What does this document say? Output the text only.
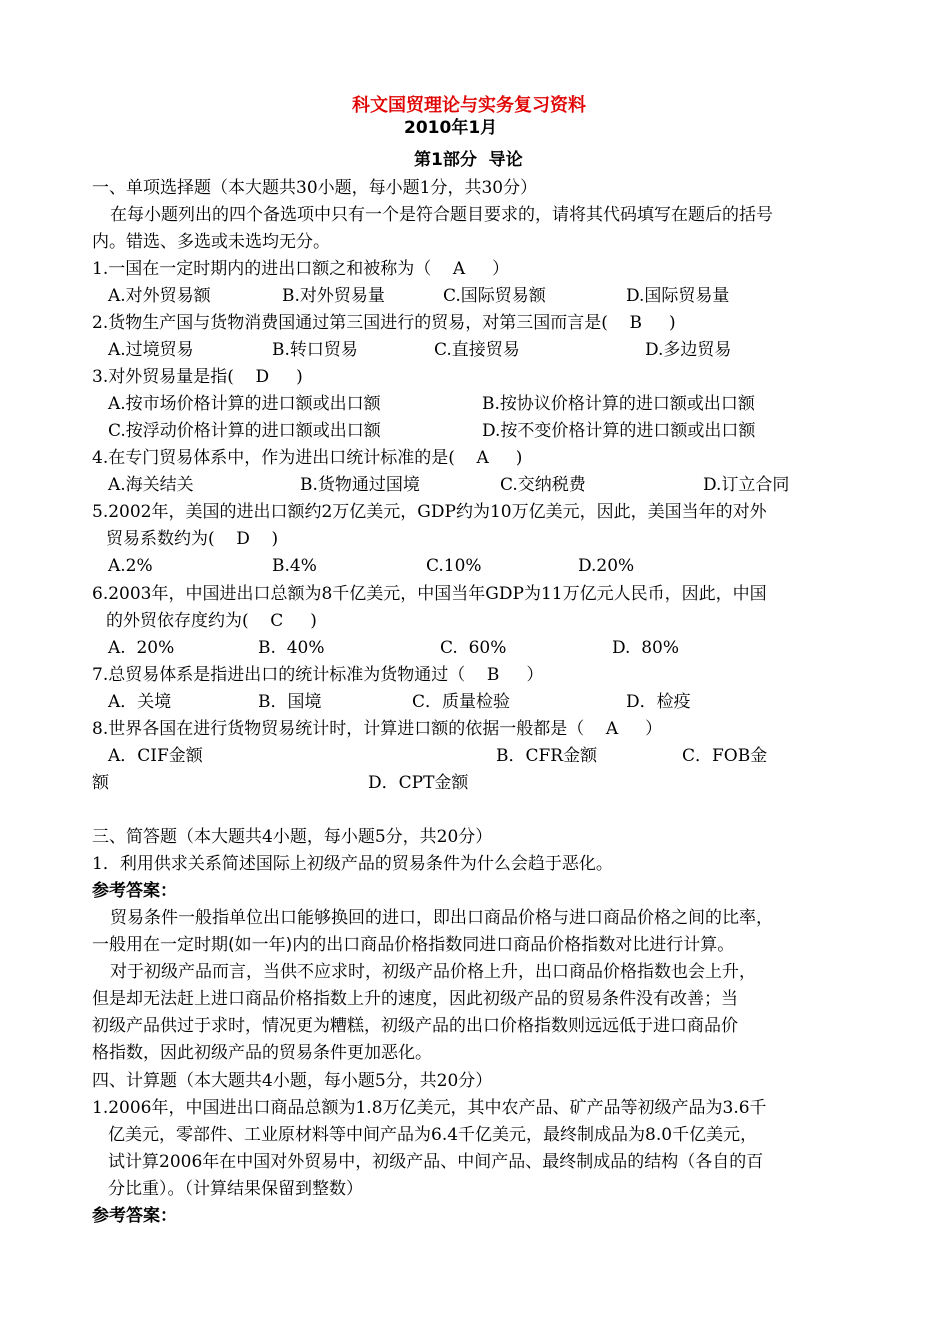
科文国贸理论与实务复习资料
2010年1月
第1部分  导论
一、单项选择题（本大题共30小题，每小题1分，共30分）
在每小题列出的四个备选项中只有一个是符合题目要求的，请将其代码填写在题后的括号
内。错选、多选或未选均无分。
1.一国在一定时期内的进出口额之和被称为（    A     ）
A.对外贸易额	B.对外贸易量	C.国际贸易额	D.国际贸易量
2.货物生产国与货物消费国通过第三国进行的贸易，对第三国而言是(    B     )
A.过境贸易	B.转口贸易	C.直接贸易	D.多边贸易
3.对外贸易量是指(    D     )
A.按市场价格计算的进口额或出口额	B.按协议价格计算的进口额或出口额
C.按浮动价格计算的进口额或出口额	D.按不变价格计算的进口额或出口额
4.在专门贸易体系中，作为进出口统计标准的是(    A     )
A.海关结关	B.货物通过国境	C.交纳税费	D.订立合同
5.2002年，美国的进出口额约2万亿美元，GDP约为10万亿美元，因此，美国当年的对外
贸易系数约为(    D    )
A.2%	B.4%	C.10%	D.20%
6.2003年，中国进出口总额为8千亿美元，中国当年GDP为11万亿元人民币，因此，中国
的外贸依存度约为(    C     )
A.  20%	B.  40%	C.  60%	D.  80%
7.总贸易体系是指进出口的统计标准为货物通过（    B     ）
A．关境	B．国境	C．质量检验	D．检疫
8.世界各国在进行货物贸易统计时，计算进口额的依据一般都是（    A     ）
A．CIF金额	B．CFR金额	C．FOB金
额	D．CPT金额
三、简答题（本大题共4小题，每小题5分，共20分）
1．利用供求关系简述国际上初级产品的贸易条件为什么会趋于恶化。
参考答案：
贸易条件一般指单位出口能够换回的进口，即出口商品价格与进口商品价格之间的比率，
一般用在一定时期(如一年)内的出口商品价格指数同进口商品价格指数对比进行计算。
对于初级产品而言，当供不应求时，初级产品价格上升，出口商品价格指数也会上升，
但是却无法赶上进口商品价格指数上升的速度，因此初级产品的贸易条件没有改善；当
初级产品供过于求时，情况更为糟糕，初级产品的出口价格指数则远远低于进口商品价
格指数，因此初级产品的贸易条件更加恶化。
四、计算题（本大题共4小题，每小题5分，共20分）
1.2006年，中国进出口商品总额为1.8万亿美元，其中农产品、矿产品等初级产品为3.6千
亿美元，零部件、工业原材料等中间产品为6.4千亿美元，最终制成品为8.0千亿美元，
试计算2006年在中国对外贸易中，初级产品、中间产品、最终制成品的结构（各自的百
分比重）。（计算结果保留到整数）
参考答案：
